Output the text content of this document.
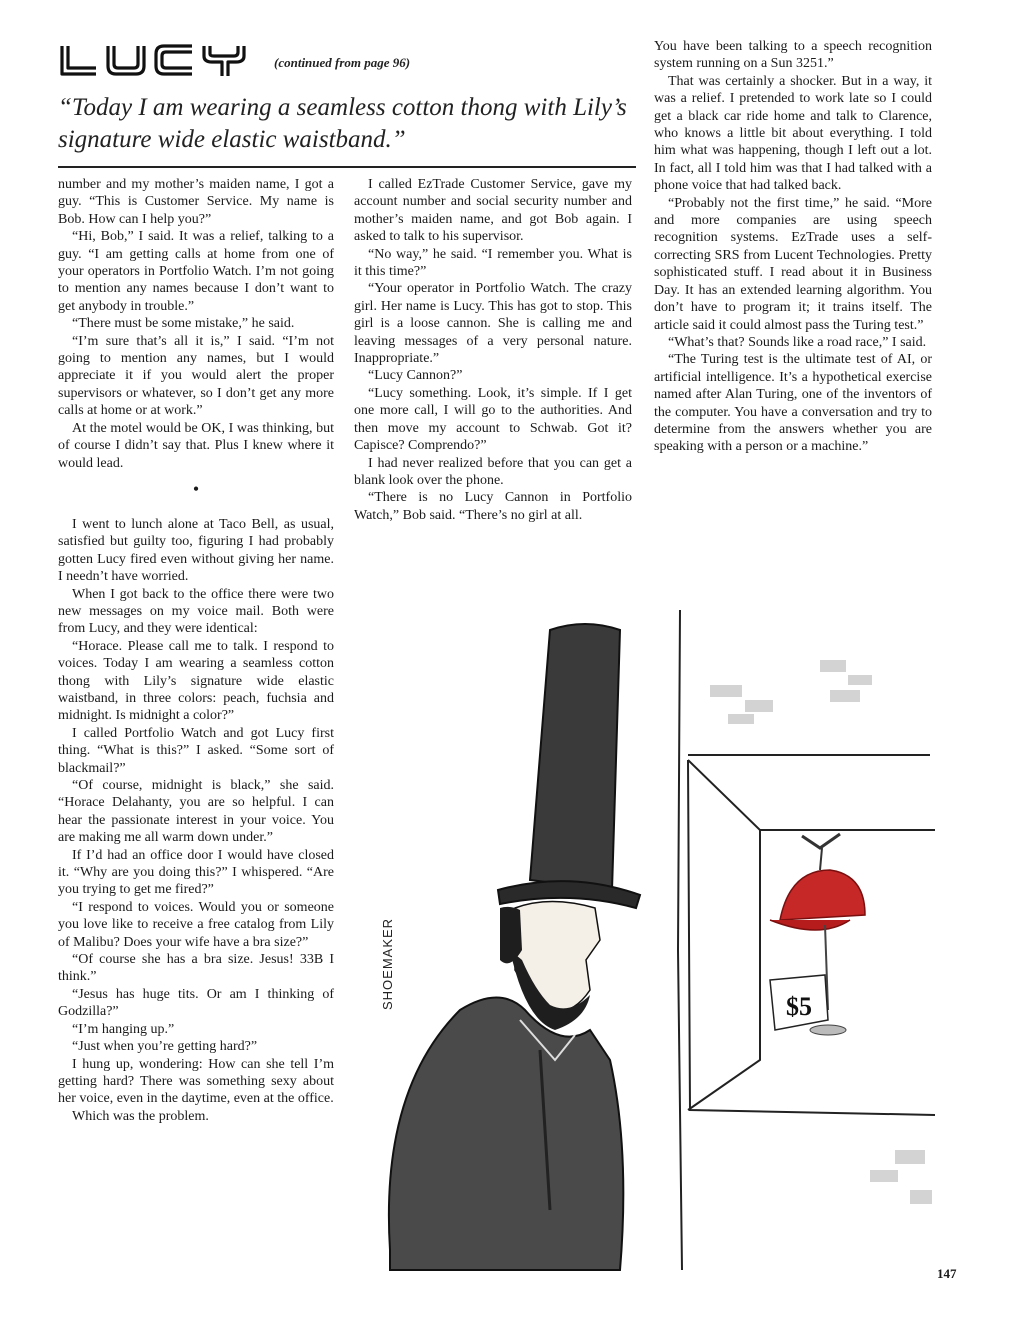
(continued from page 96)
“Today I am wearing a seamless cotton thong with Lily’s signature wide elastic waistband.”

number and my mother’s maiden name, I got a guy. “This is Customer Service. My name is Bob. How can I help you?”

“Hi, Bob,” I said. It was a relief, talking to a guy. “I am getting calls at home from one of your operators in Portfolio Watch. I’m not going to mention any names because I don’t want to get anybody in trouble.”

“There must be some mistake,” he said.

“I’m sure that’s all it is,” I said. “I’m not going to mention any names, but I would appreciate it if you would alert the proper supervisors or whatever, so I don’t get any more calls at home or at work.”

At the motel would be OK, I was thinking, but of course I didn’t say that. Plus I knew where it would lead.

•

I went to lunch alone at Taco Bell, as usual, satisfied but guilty too, figuring I had probably gotten Lucy fired even without giving her name. I needn’t have worried.

When I got back to the office there were two new messages on my voice mail. Both were from Lucy, and they were identical:

“Horace. Please call me to talk. I respond to voices. Today I am wearing a seamless cotton thong with Lily’s signature wide elastic waistband, in three colors: peach, fuchsia and midnight. Is midnight a color?”

I called Portfolio Watch and got Lucy first thing. “What is this?” I asked. “Some sort of blackmail?”

“Of course, midnight is black,” she said. “Horace Delahanty, you are so helpful. I can hear the passionate interest in your voice. You are making me all warm down under.”

If I’d had an office door I would have closed it. “Why are you doing this?” I whispered. “Are you trying to get me fired?”

“I respond to voices. Would you or someone you love like to receive a free catalog from Lily of Malibu? Does your wife have a bra size?”

“Of course she has a bra size. Jesus! 33B I think.”

“Jesus has huge tits. Or am I thinking of Godzilla?”

“I’m hanging up.”

“Just when you’re getting hard?”

I hung up, wondering: How can she tell I’m getting hard? There was something sexy about her voice, even in the daytime, even at the office.

Which was the problem.

I called EzTrade Customer Service, gave my account number and social security number and mother’s maiden name, and got Bob again. I asked to talk to his supervisor.

“No way,” he said. “I remember you. What is it this time?”

“Your operator in Portfolio Watch. The crazy girl. Her name is Lucy. This has got to stop. This girl is a loose cannon. She is calling me and leaving messages of a very personal nature. Inappropriate.”

“Lucy Cannon?”

“Lucy something. Look, it’s simple. If I get one more call, I will go to the authorities. And then move my account to Schwab. Got it? Capisce? Comprendo?”

I had never realized before that you can get a blank look over the phone.

“There is no Lucy Cannon in Portfolio Watch,” Bob said. “There’s no girl at all.

You have been talking to a speech recognition system running on a Sun 3251.”

That was certainly a shocker. But in a way, it was a relief. I pretended to work late so I could get a black car ride home and talk to Clarence, who knows a little bit about everything. I told him what was happening, though I left out a lot. In fact, all I told him was that I had talked with a phone voice that had talked back.

“Probably not the first time,” he said. “More and more companies are using speech recognition systems. EzTrade uses a self-correcting SRS from Lucent Technologies. Pretty sophisticated stuff. I read about it in Business Day. It has an extended learning algorithm. You don’t have to program it; it trains itself. The article said it could almost pass the Turing test.”

“What’s that? Sounds like a road race,” I said.

“The Turing test is the ultimate test of AI, or artificial intelligence. It’s a hypothetical exercise named after Alan Turing, one of the inventors of the computer. You have a conversation and try to determine from the answers whether you are speaking with a person or a machine.”

$5
SHOEMAKER
147
